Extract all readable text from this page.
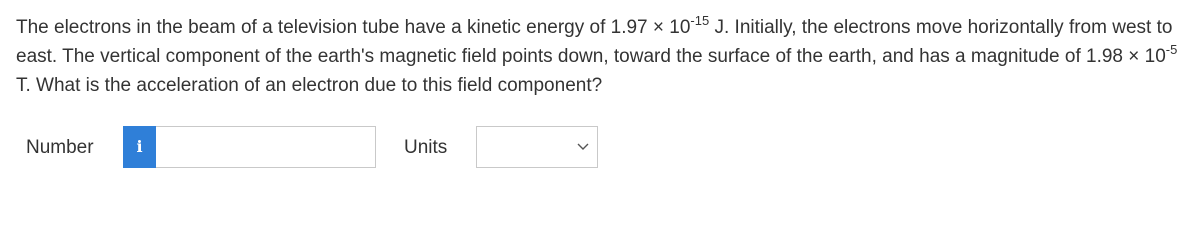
The electrons in the beam of a television tube have a kinetic energy of $1.97 \times 10^{-15}$ J. Initially, the electrons move horizontally from west to east. The vertical component of the earth's magnetic field points down, toward the surface of the earth, and has a magnitude of $1.98 \times 10^{-5}$ T. What is the acceleration of an electron due to this field component?
Number	i	Units
